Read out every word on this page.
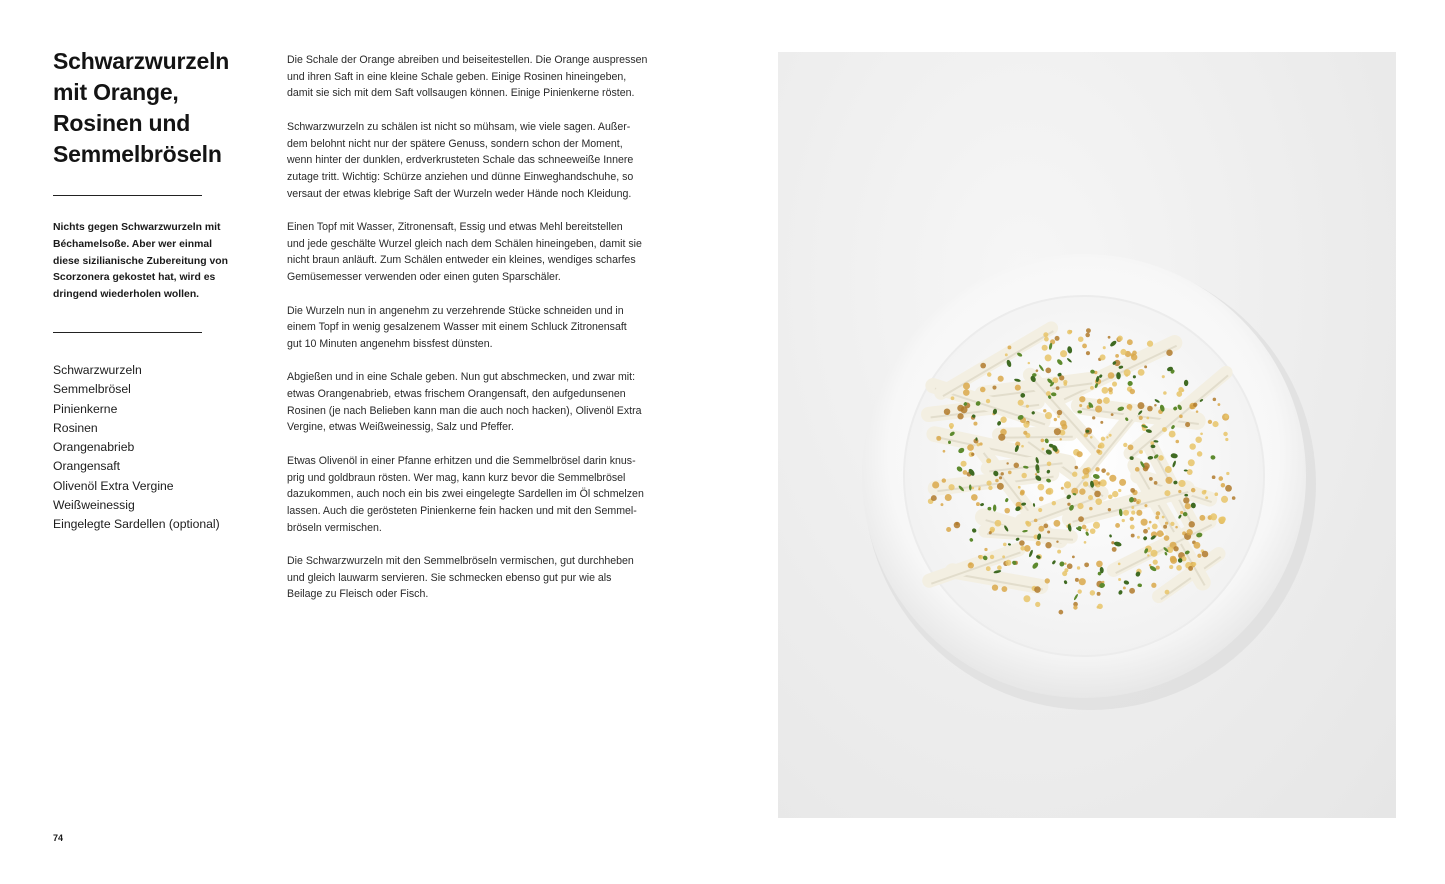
Schwarzwurzeln mit Orange, Rosinen und Semmelbröseln

Nichts gegen Schwarzwurzeln mit Béchamelsoße. Aber wer einmal diese sizilianische Zubereitung von Scorzonera gekostet hat, wird es dringend wiederholen wollen.

Schwarzwurzeln
Semmelbrösel
Pinienkerne
Rosinen
Orangenabrieb
Orangensaft
Olivenöl Extra Vergine
Weißweinessig
Eingelegte Sardellen (optional)

Die Schale der Orange abreiben und beiseitestellen. Die Orange auspressen
und ihren Saft in eine kleine Schale geben. Einige Rosinen hineingeben,
damit sie sich mit dem Saft vollsaugen können. Einige Pinienkerne rösten.

Schwarzwurzeln zu schälen ist nicht so mühsam, wie viele sagen. Außer-
dem belohnt nicht nur der spätere Genuss, sondern schon der Moment,
wenn hinter der dunklen, erdverkrusteten Schale das schneeweiße Innere
zutage tritt. Wichtig: Schürze anziehen und dünne Einweghandschuhe, so
versaut der etwas klebrige Saft der Wurzeln weder Hände noch Kleidung.

Einen Topf mit Wasser, Zitronensaft, Essig und etwas Mehl bereitstellen
und jede geschälte Wurzel gleich nach dem Schälen hineingeben, damit sie
nicht braun anläuft. Zum Schälen entweder ein kleines, wendiges scharfes
Gemüsemesser verwenden oder einen guten Sparschäler.

Die Wurzeln nun in angenehm zu verzehrende Stücke schneiden und in
einem Topf in wenig gesalzenem Wasser mit einem Schluck Zitronensaft
gut 10 Minuten angenehm bissfest dünsten.

Abgießen und in eine Schale geben. Nun gut abschmecken, und zwar mit:
etwas Orangenabrieb, etwas frischem Orangensaft, den aufgedunsenen
Rosinen (je nach Belieben kann man die auch noch hacken), Olivenöl Extra
Vergine, etwas Weißweinessig, Salz und Pfeffer.

Etwas Olivenöl in einer Pfanne erhitzen und die Semmelbrösel darin knus-
prig und goldbraun rösten. Wer mag, kann kurz bevor die Semmelbrösel
dazukommen, auch noch ein bis zwei eingelegte Sardellen im Öl schmelzen
lassen. Auch die gerösteten Pinienkerne fein hacken und mit den Semmel-
bröseln vermischen.

Die Schwarzwurzeln mit den Semmelbröseln vermischen, gut durchheben
und gleich lauwarm servieren. Sie schmecken ebenso gut pur wie als
Beilage zu Fleisch oder Fisch.

74
